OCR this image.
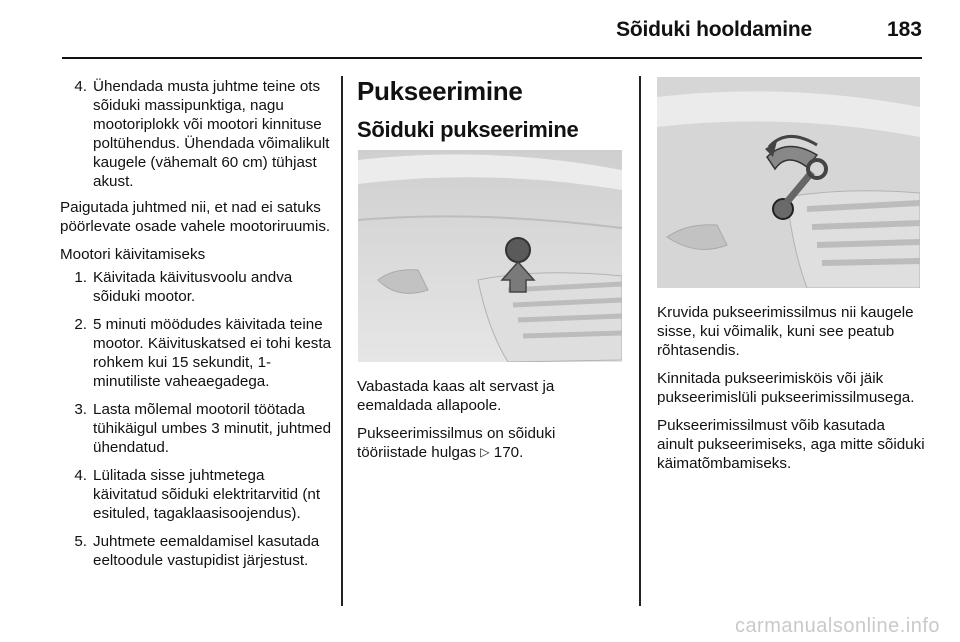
Sõiduki hooldamine	183
4. Ühendada musta juhtme teine ots sõiduki massipunktiga, nagu mootoriplokk või mootori kinnituse poltühendus. Ühendada võimalikult kaugele (vähemalt 60 cm) tühjast akust.

Paigutada juhtmed nii, et nad ei satuks pöörlevate osade vahele mootoriruumis.

Mootori käivitamiseks

1. Käivitada käivitusvoolu andva sõiduki mootor.
2. 5 minuti möödudes käivitada teine mootor. Käivituskatsed ei tohi kesta rohkem kui 15 sekundit, 1-minutiliste vaheaegadega.
3. Lasta mõlemal mootoril töötada tühikäigul umbes 3 minutit, juhtmed ühendatud.
4. Lülitada sisse juhtmetega käivitatud sõiduki elektritarvitid (nt esituled, tagaklaasisoojendus).
5. Juhtmete eemaldamisel kasutada eeltoodule vastupidist järjestust.
Pukseerimine
Sõiduki pukseerimine

Vabastada kaas alt servast ja eemaldada allapoole.

Pukseerimissilmus on sõiduki tööriistade hulgas ▷ 170.

Kruvida pukseerimissilmus nii kaugele sisse, kui võimalik, kuni see peatub rõhtasendis.

Kinnitada pukseerimisköis või jäik pukseerimislüli pukseerimissilmusega.

Pukseerimissilmust võib kasutada ainult pukseerimiseks, aga mitte sõiduki käimatõmbamiseks.

carmanualsonline.info
